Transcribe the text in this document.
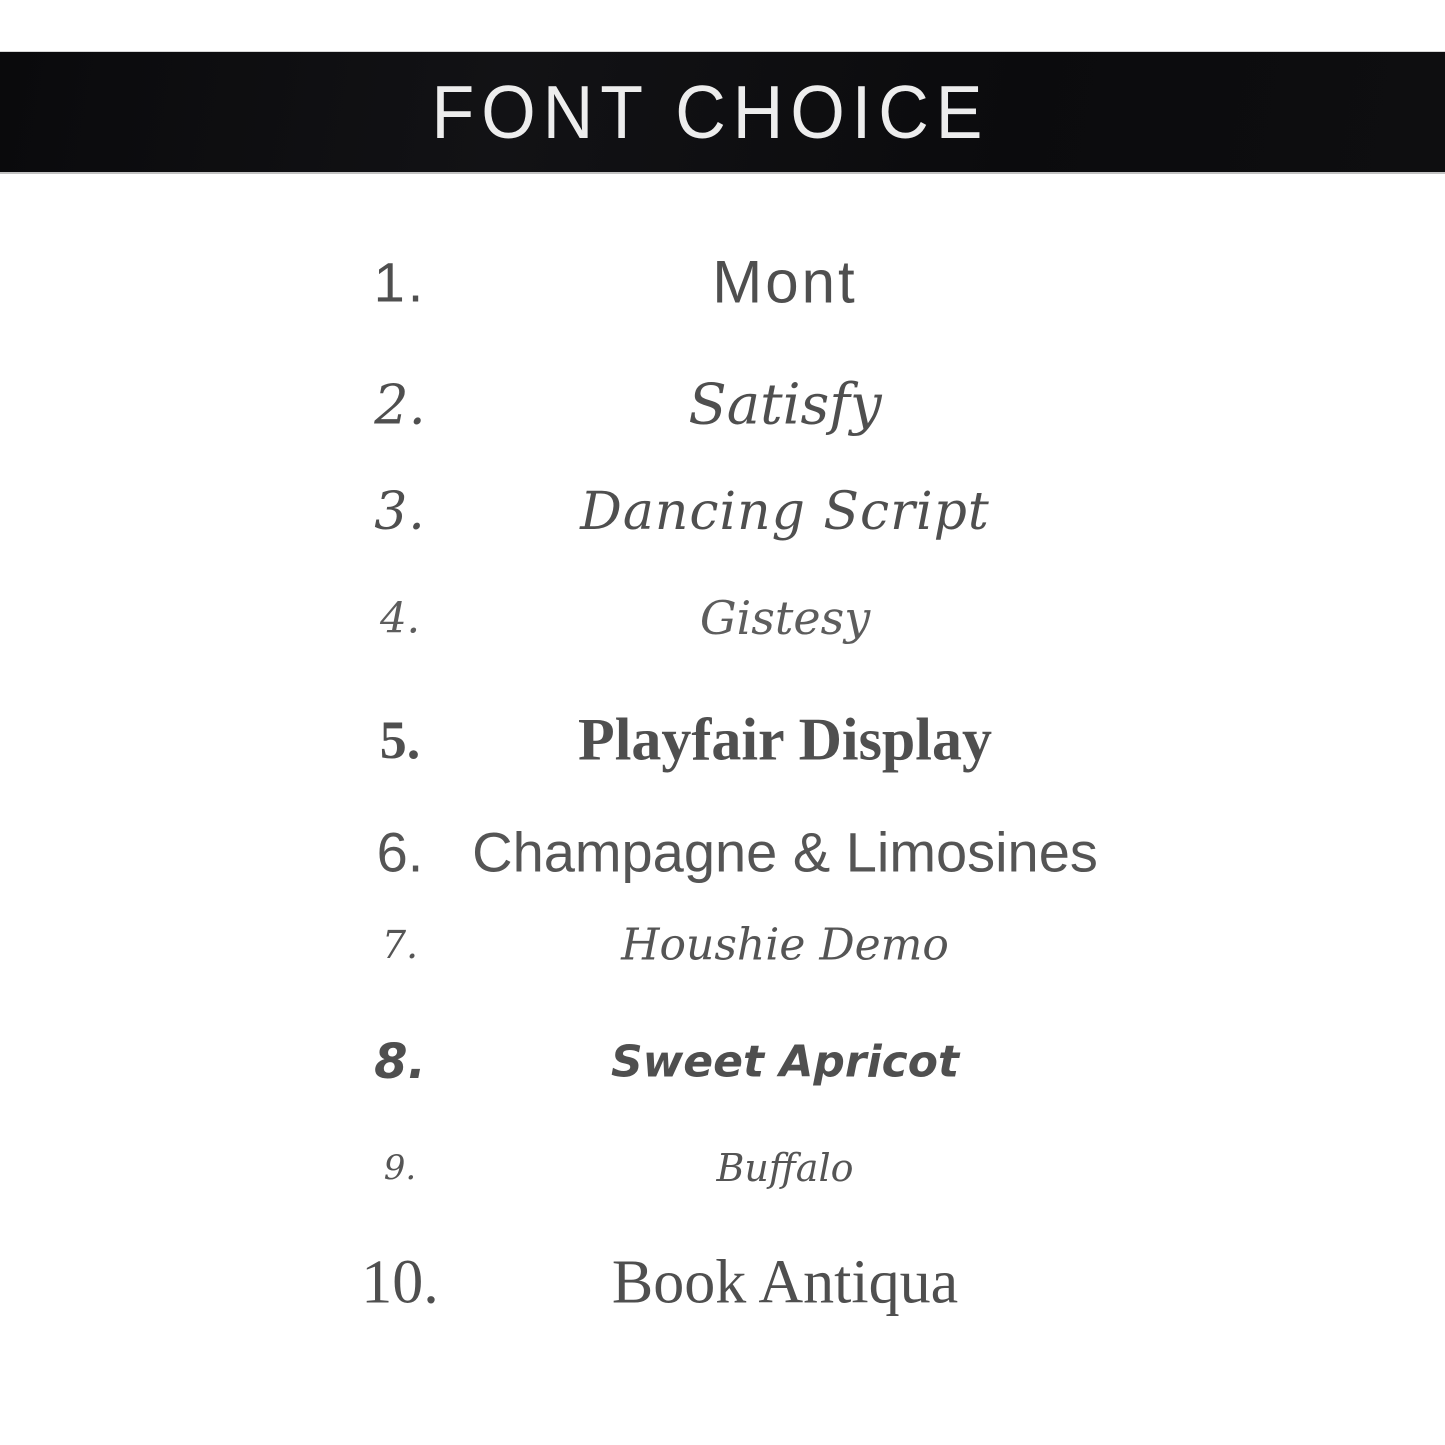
FONT CHOICE
1.	Mont
2.	Satisfy
3.	Dancing Script
4.	Gistesy
5.	Playfair Display
6. Champagne & Limosines
7.	Houshie Demo
8.	Sweet Apricot
9.	Buffalo
10.	Book Antiqua
